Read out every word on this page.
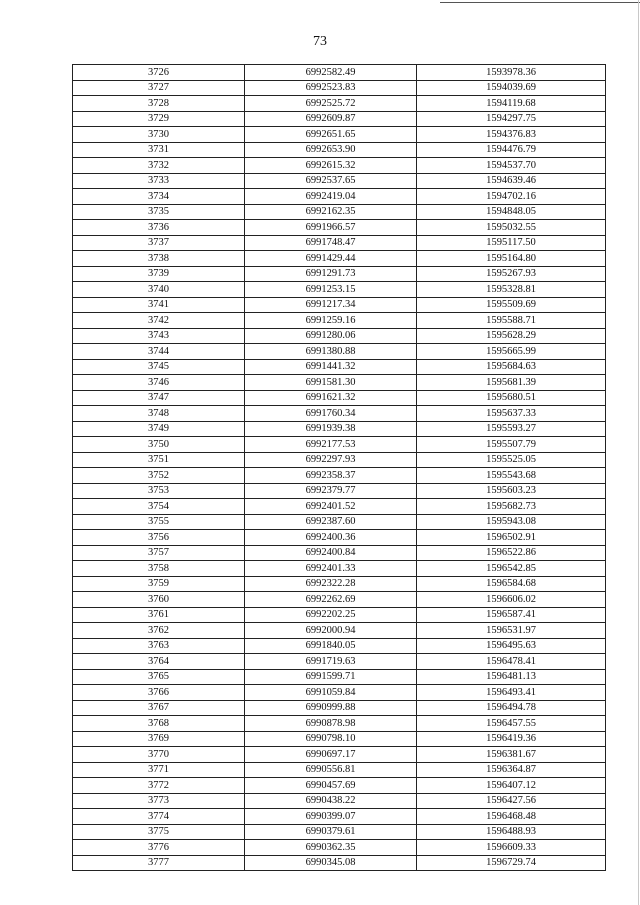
73
3726	6992582.49	1593978.36
3727	6992523.83	1594039.69
3728	6992525.72	1594119.68
3729	6992609.87	1594297.75
3730	6992651.65	1594376.83
3731	6992653.90	1594476.79
3732	6992615.32	1594537.70
3733	6992537.65	1594639.46
3734	6992419.04	1594702.16
3735	6992162.35	1594848.05
3736	6991966.57	1595032.55
3737	6991748.47	1595117.50
3738	6991429.44	1595164.80
3739	6991291.73	1595267.93
3740	6991253.15	1595328.81
3741	6991217.34	1595509.69
3742	6991259.16	1595588.71
3743	6991280.06	1595628.29
3744	6991380.88	1595665.99
3745	6991441.32	1595684.63
3746	6991581.30	1595681.39
3747	6991621.32	1595680.51
3748	6991760.34	1595637.33
3749	6991939.38	1595593.27
3750	6992177.53	1595507.79
3751	6992297.93	1595525.05
3752	6992358.37	1595543.68
3753	6992379.77	1595603.23
3754	6992401.52	1595682.73
3755	6992387.60	1595943.08
3756	6992400.36	1596502.91
3757	6992400.84	1596522.86
3758	6992401.33	1596542.85
3759	6992322.28	1596584.68
3760	6992262.69	1596606.02
3761	6992202.25	1596587.41
3762	6992000.94	1596531.97
3763	6991840.05	1596495.63
3764	6991719.63	1596478.41
3765	6991599.71	1596481.13
3766	6991059.84	1596493.41
3767	6990999.88	1596494.78
3768	6990878.98	1596457.55
3769	6990798.10	1596419.36
3770	6990697.17	1596381.67
3771	6990556.81	1596364.87
3772	6990457.69	1596407.12
3773	6990438.22	1596427.56
3774	6990399.07	1596468.48
3775	6990379.61	1596488.93
3776	6990362.35	1596609.33
3777	6990345.08	1596729.74
